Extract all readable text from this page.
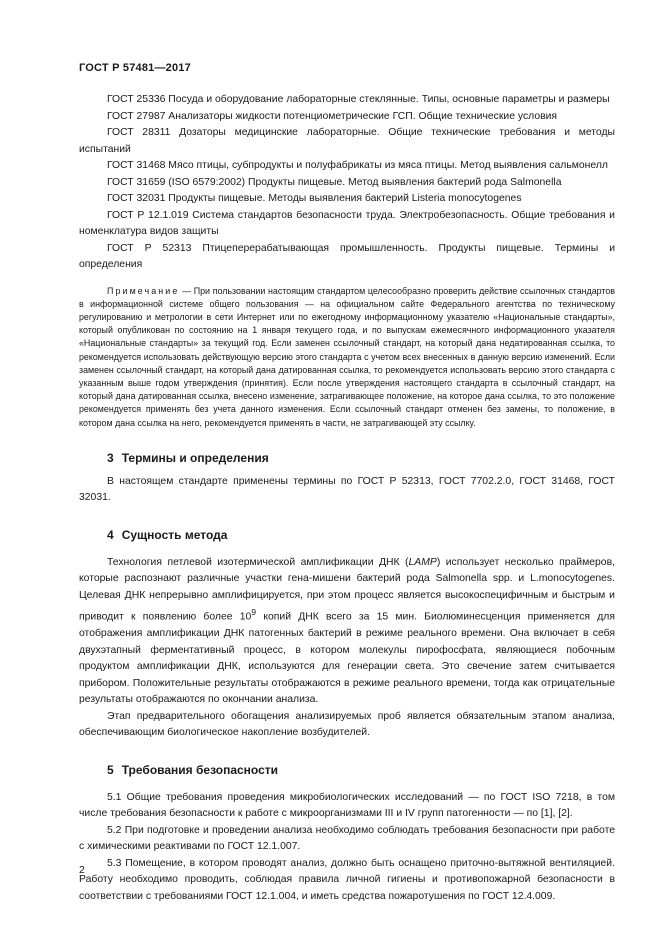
ГОСТ Р 57481—2017

ГОСТ 25336 Посуда и оборудование лабораторные стеклянные. Типы, основные параметры и размеры

ГОСТ 27987 Анализаторы жидкости потенциометрические ГСП. Общие технические условия

ГОСТ 28311 Дозаторы медицинские лабораторные. Общие технические требования и методы испытаний

ГОСТ 31468 Мясо птицы, субпродукты и полуфабрикаты из мяса птицы. Метод выявления сальмонелл

ГОСТ 31659 (ISO 6579:2002) Продукты пищевые. Метод выявления бактерий рода Salmonella

ГОСТ 32031 Продукты пищевые. Методы выявления бактерий Listeria monocytogenes

ГОСТ Р 12.1.019 Система стандартов безопасности труда. Электробезопасность. Общие требования и номенклатура видов защиты

ГОСТ Р 52313 Птицеперерабатывающая промышленность. Продукты пищевые. Термины и определения

Примечание — При пользовании настоящим стандартом целесообразно проверить действие ссылочных стандартов в информационной системе общего пользования — на официальном сайте Федерального агентства по техническому регулированию и метрологии в сети Интернет или по ежегодному информационному указателю «Национальные стандарты», который опубликован по состоянию на 1 января текущего года, и по выпускам ежемесячного информационного указателя «Национальные стандарты» за текущий год. Если заменен ссылочный стандарт, на который дана недатированная ссылка, то рекомендуется использовать действующую версию этого стандарта с учетом всех внесенных в данную версию изменений. Если заменен ссылочный стандарт, на который дана датированная ссылка, то рекомендуется использовать версию этого стандарта с указанным выше годом утверждения (принятия). Если после утверждения настоящего стандарта в ссылочный стандарт, на который дана датированная ссылка, внесено изменение, затрагивающее положение, на которое дана ссылка, то это положение рекомендуется применять без учета данного изменения. Если ссылочный стандарт отменен без замены, то положение, в котором дана ссылка на него, рекомендуется применять в части, не затрагивающей эту ссылку.

3 Термины и определения

В настоящем стандарте применены термины по ГОСТ Р 52313, ГОСТ 7702.2.0, ГОСТ 31468, ГОСТ 32031.

4 Сущность метода

Технология петлевой изотермической амплификации ДНК (LAMP) использует несколько праймеров, которые распознают различные участки гена-мишени бактерий рода Salmonella spp. и L.monocytogenes. Целевая ДНК непрерывно амплифицируется, при этом процесс является высокоспецифичным и быстрым и приводит к появлению более $10^9$ копий ДНК всего за 15 мин. Биолюминесценция применяется для отображения амплификации ДНК патогенных бактерий в режиме реального времени. Она включает в себя двухэтапный ферментативный процесс, в котором молекулы пирофосфата, являющиеся побочным продуктом амплификации ДНК, используются для генерации света. Это свечение затем считывается прибором. Положительные результаты отображаются в режиме реального времени, тогда как отрицательные результаты отображаются по окончании анализа.

Этап предварительного обогащения анализируемых проб является обязательным этапом анализа, обеспечивающим биологическое накопление возбудителей.

5 Требования безопасности

5.1 Общие требования проведения микробиологических исследований — по ГОСТ ISO 7218, в том числе требования безопасности к работе с микроорганизмами III и IV групп патогенности — по [1], [2].

5.2 При подготовке и проведении анализа необходимо соблюдать требования безопасности при работе с химическими реактивами по ГОСТ 12.1.007.

5.3 Помещение, в котором проводят анализ, должно быть оснащено приточно-вытяжной вентиляцией. Работу необходимо проводить, соблюдая правила личной гигиены и противопожарной безопасности в соответствии с требованиями ГОСТ 12.1.004, и иметь средства пожаротушения по ГОСТ 12.4.009.

2
